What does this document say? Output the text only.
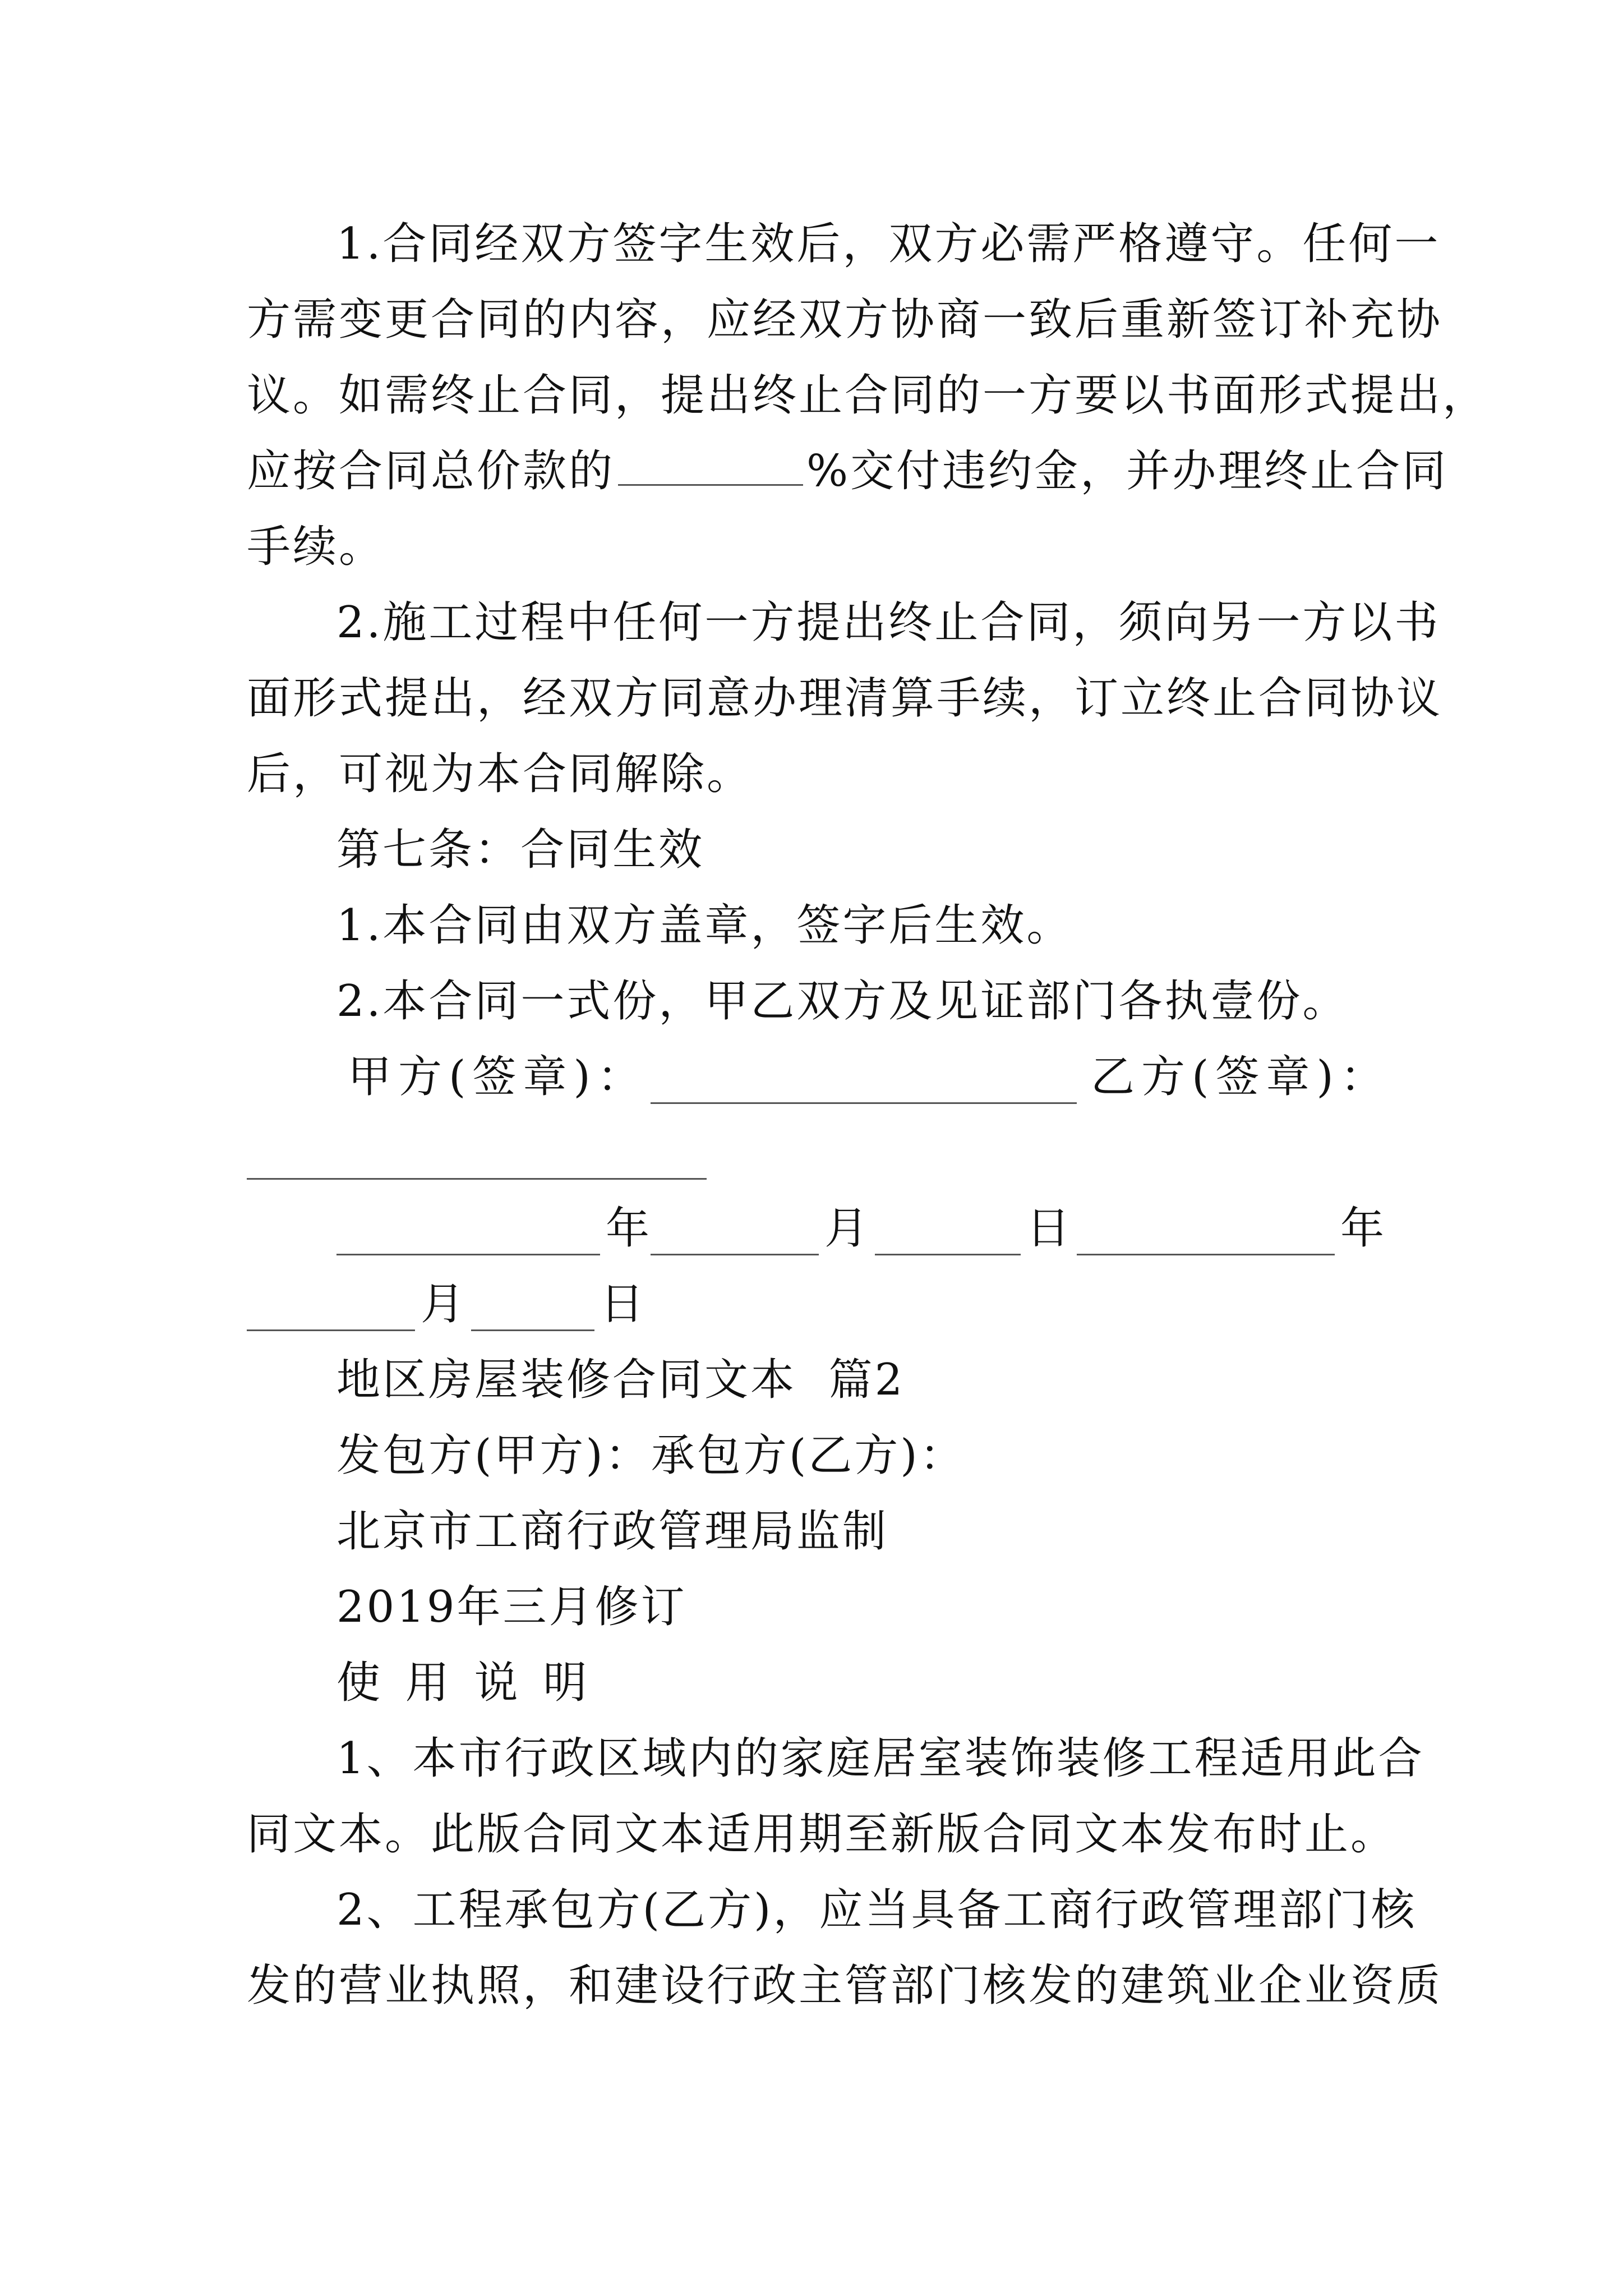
1.合同经双方签字生效后，双方必需严格遵守。任何一
方需变更合同的内容，应经双方协商一致后重新签订补充协
议。如需终止合同，提出终止合同的一方要以书面形式提出，
应按合同总价款的	%交付违约金，并办理终止合同
手续。
2.施工过程中任何一方提出终止合同，须向另一方以书
面形式提出，经双方同意办理清算手续，订立终止合同协议
后，可视为本合同解除。
第七条：合同生效
1.本合同由双方盖章，签字后生效。
2.本合同一式份，甲乙双方及见证部门各执壹份。
甲方(签章)：	乙方(签章)：
年	月	日	年
月	日
地区房屋装修合同文本  篇2
发包方(甲方)：承包方(乙方)：
北京市工商行政管理局监制
2019年三月修订
使 用 说 明
1、本市行政区域内的家庭居室装饰装修工程适用此合
同文本。此版合同文本适用期至新版合同文本发布时止。
2、工程承包方(乙方)，应当具备工商行政管理部门核
发的营业执照，和建设行政主管部门核发的建筑业企业资质
